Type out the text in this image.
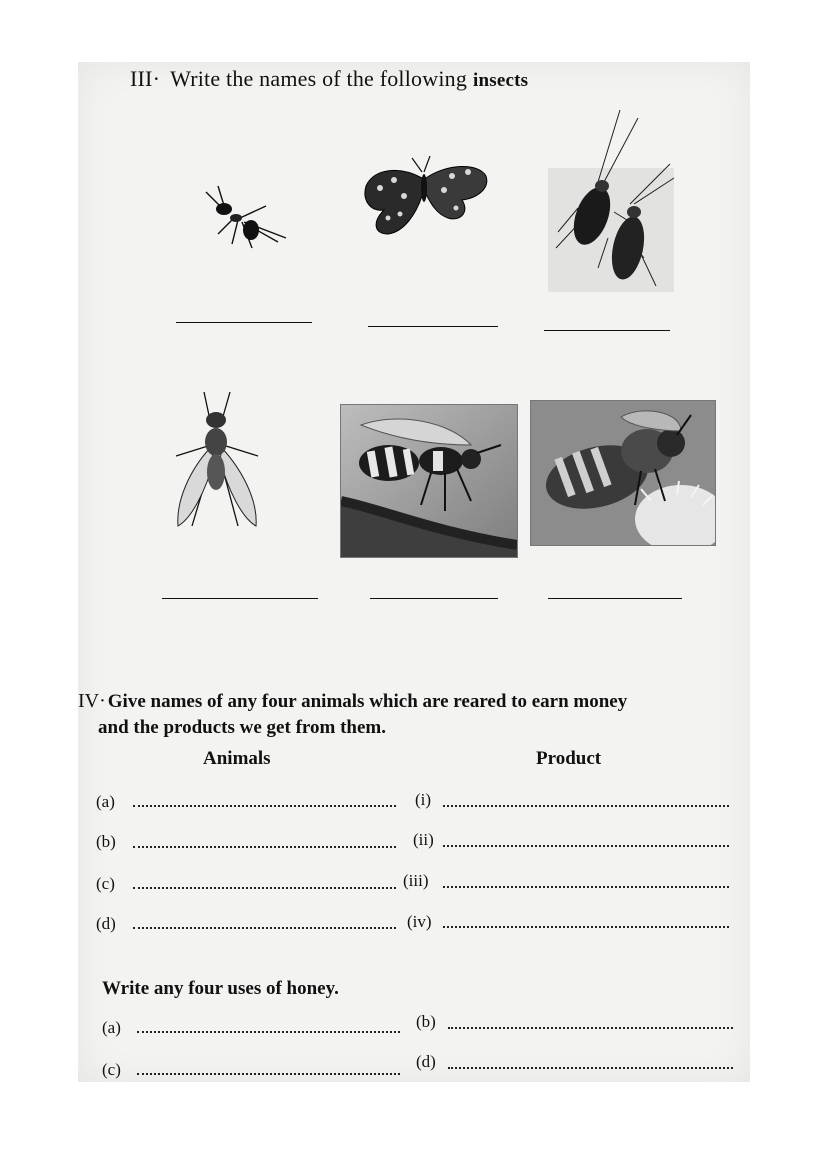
III· Write the names of the following insects
IV· Give names of any four animals which are reared to earn money
and the products we get from them.
Animals	Product
(a)	(i)
(b)	(ii)
(c)	(iii)
(d)	(iv)
Write any four uses of honey.
(a)	(b)
(c)	(d)
